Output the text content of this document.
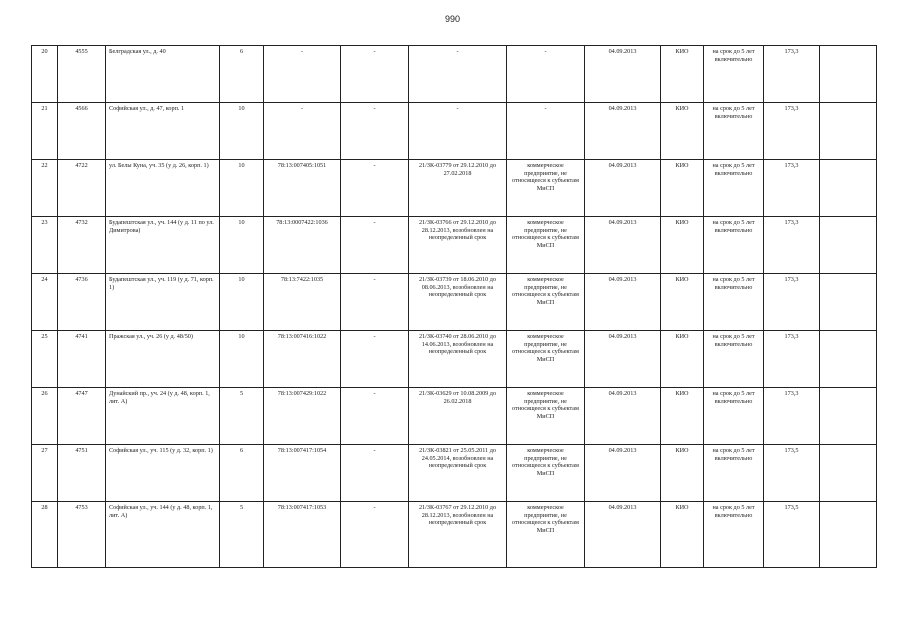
990
20	4555	Белградская ул., д. 40	6	-	-	-	-	04.09.2013	КИО	на срок до 5 лет включительно	173,3	
21	4566	Софийская ул., д. 47, корп. 1	10	-	-	-	-	04.09.2013	КИО	на срок до 5 лет включительно	173,3	
22	4722	ул. Белы Куна, уч. 35 (у д. 26, корп. 1)	10	78:13:007405:1051	-	21/ЗК-03779 от 29.12.2010 до 27.02.2018	коммерческое предприятие, не относящееся к субъектам МиСП	04.09.2013	КИО	на срок до 5 лет включительно	173,3	
23	4732	Будапештская ул., уч. 144 (у д. 11 по ул. Димитрова)	10	78:13:0007422:1036	-	21/ЗК-03766 от 29.12.2010 до 28.12.2013, возобновлен на неопределенный срок	коммерческое предприятие, не относящееся к субъектам МиСП	04.09.2013	КИО	на срок до 5 лет включительно	173,3	
24	4736	Будапештская ул., уч. 119 (у д. 71, корп. 1)	10	78:13:7422:1035	-	21/ЗК-03739 от 18.06.2010 до 08.06.2013, возобновлен на неопределенный срок	коммерческое предприятие, не относящееся к субъектам МиСП	04.09.2013	КИО	на срок до 5 лет включительно	173,3	
25	4741	Пражская ул., уч. 26 (у д. 48/50)	10	78:13:007416:1022	-	21/ЗК-03740 от 28.06.2010 до 14.06.2013, возобновлен на неопределенный срок	коммерческое предприятие, не относящееся к субъектам МиСП	04.09.2013	КИО	на срок до 5 лет включительно	173,3	
26	4747	Дунайский пр., уч. 24 (у д. 48, корп. 1, лит. А)	5	78:13:007429:1022	-	21/ЗК-03629 от 10.08.2009 до 26.02.2018	коммерческое предприятие, не относящееся к субъектам МиСП	04.09.2013	КИО	на срок до 5 лет включительно	173,3	
27	4751	Софийская ул., уч. 115 (у д. 32, корп. 1)	6	78:13:007417:1054	-	21/ЗК-03821 от 25.05.2011 до 24.05.2014, возобновлен на неопределенный срок	коммерческое предприятие, не относящееся к субъектам МиСП	04.09.2013	КИО	на срок до 5 лет включительно	173,5	
28	4753	Софийская ул., уч. 144 (у д. 48, корп. 1, лит. А)	5	78:13:007417:1053	-	21/ЗК-03767 от 29.12.2010 до 28.12.2013, возобновлен на неопределенный срок	коммерческое предприятие, не относящееся к субъектам МиСП	04.09.2013	КИО	на срок до 5 лет включительно	173,5	
